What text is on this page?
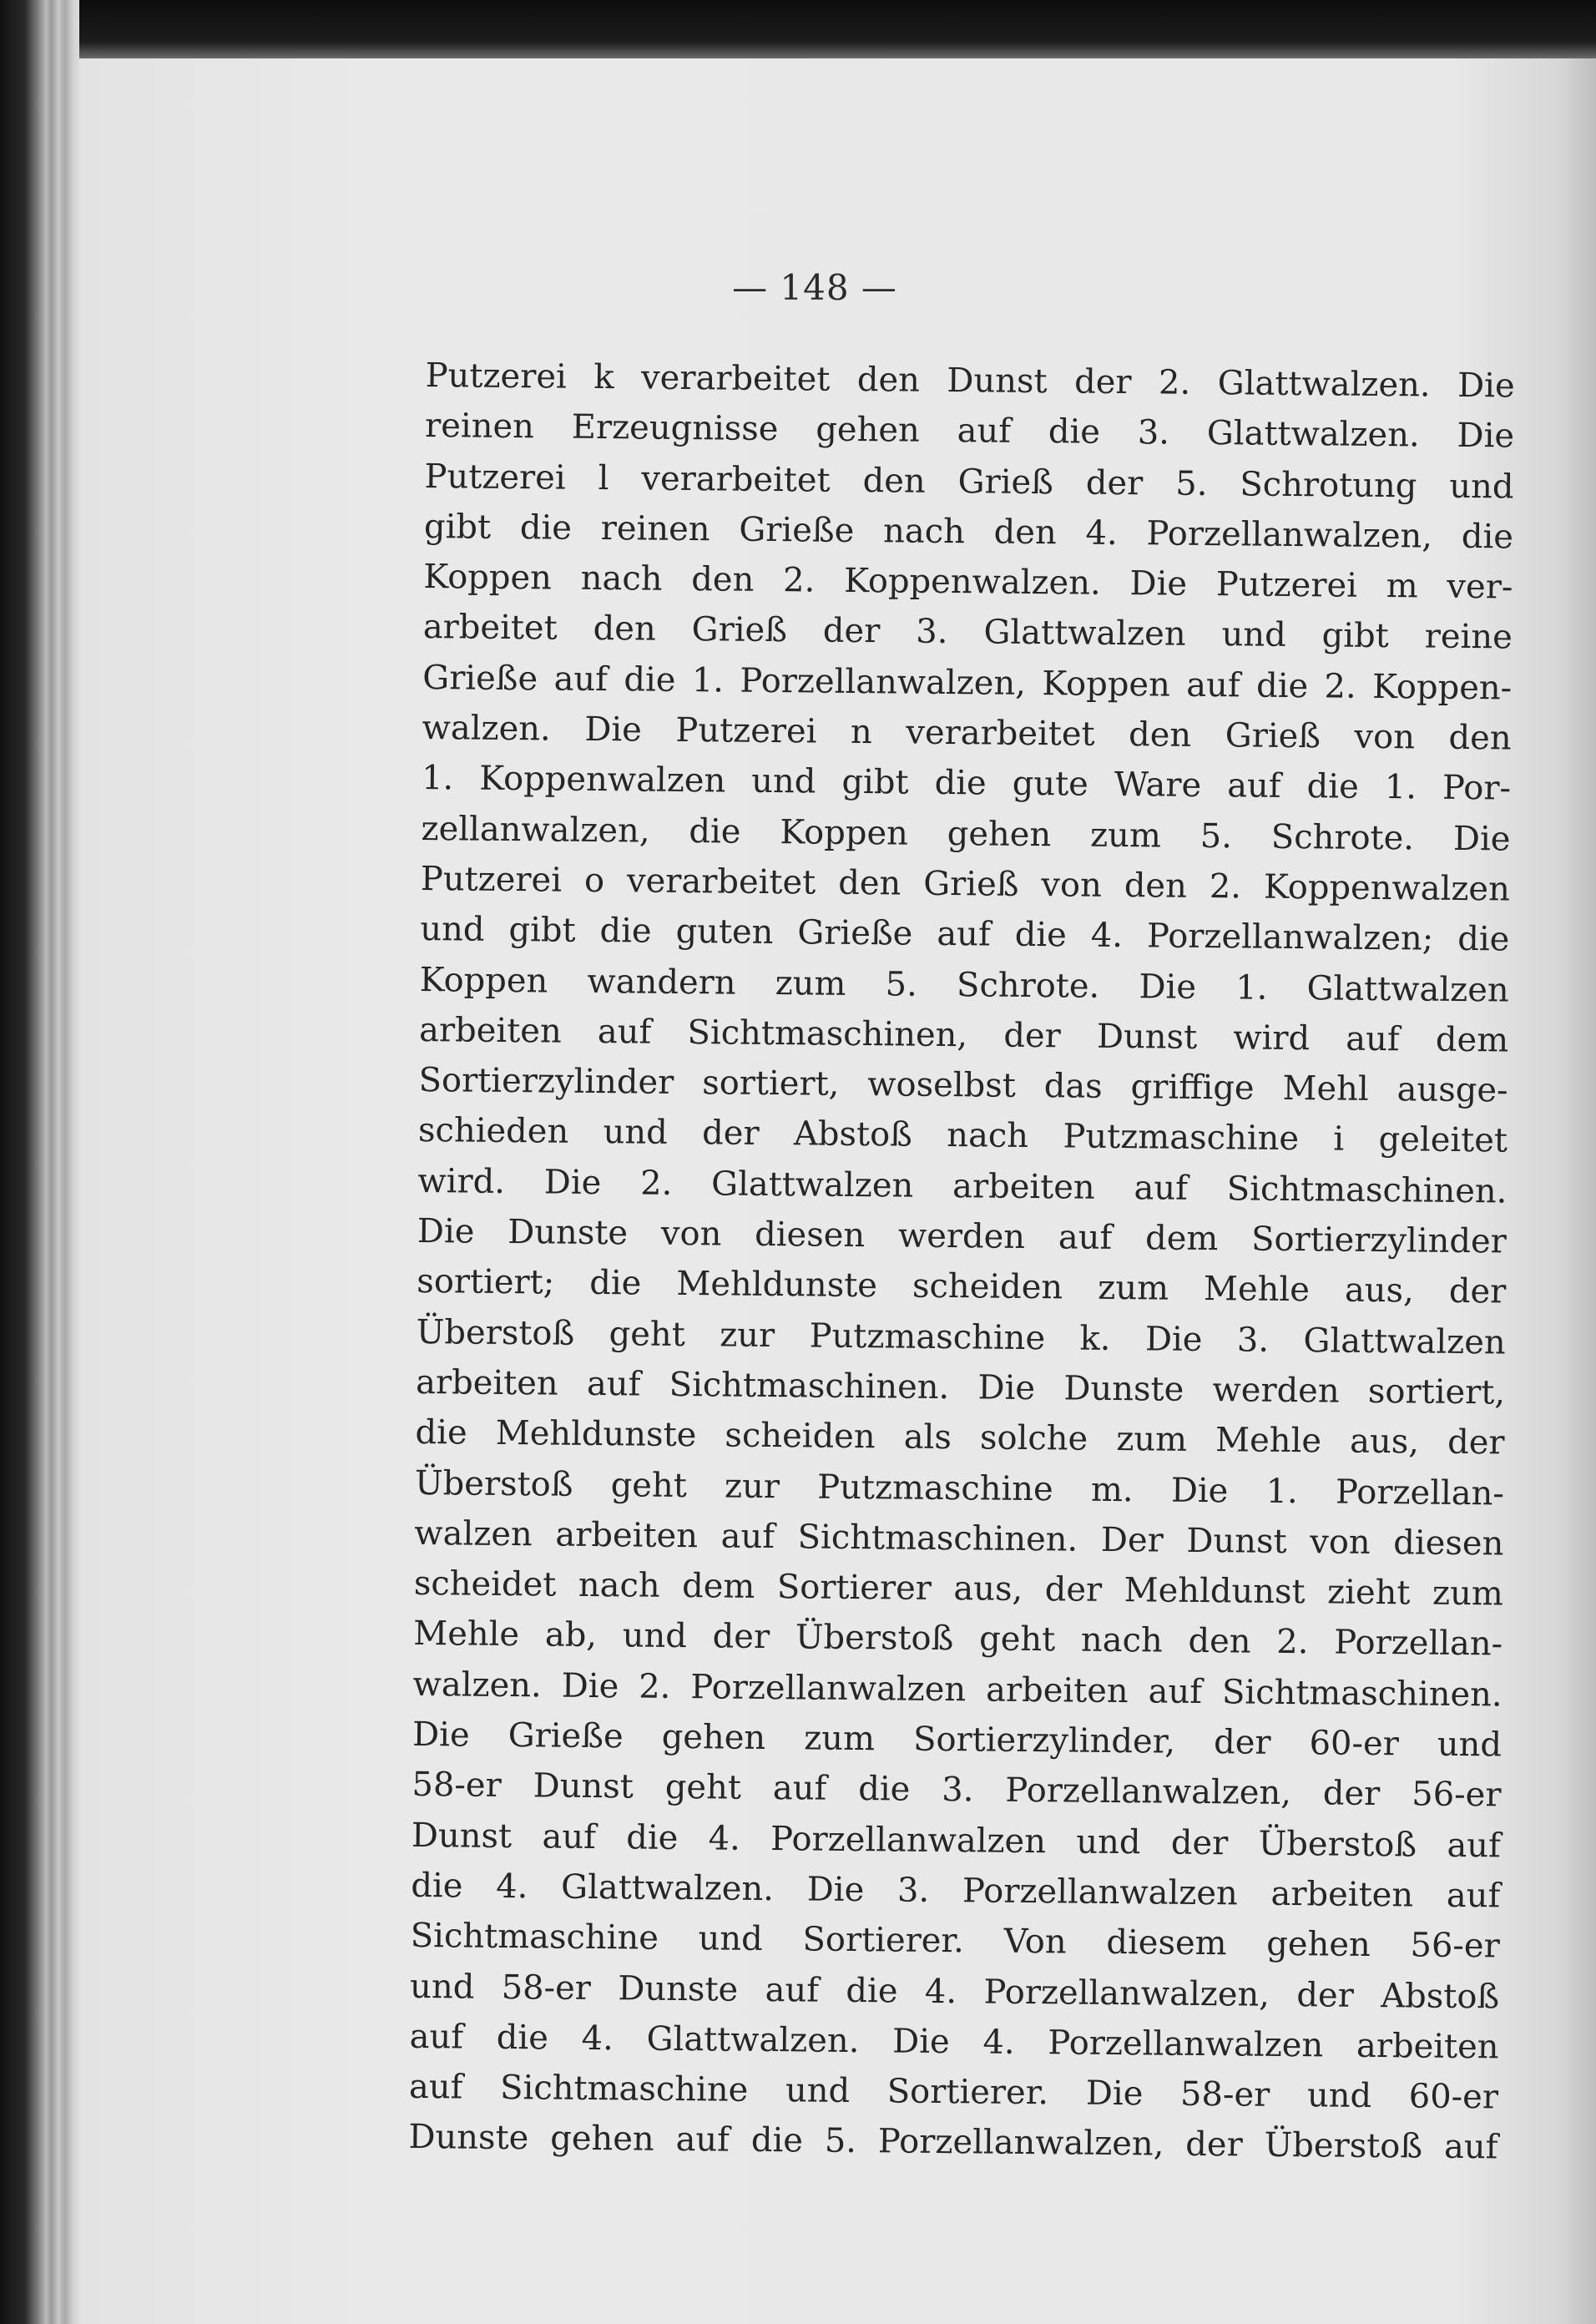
— 148 —
Putzerei k verarbeitet den Dunst der 2. Glattwalzen. Die
reinen Erzeugnisse gehen auf die 3. Glattwalzen. Die
Putzerei l verarbeitet den Grieß der 5. Schrotung und
gibt die reinen Grieße nach den 4. Porzellanwalzen, die
Koppen nach den 2. Koppenwalzen. Die Putzerei m ver-
arbeitet den Grieß der 3. Glattwalzen und gibt reine
Grieße auf die 1. Porzellanwalzen, Koppen auf die 2. Koppen-
walzen. Die Putzerei n verarbeitet den Grieß von den
1. Koppenwalzen und gibt die gute Ware auf die 1. Por-
zellanwalzen, die Koppen gehen zum 5. Schrote. Die
Putzerei o verarbeitet den Grieß von den 2. Koppenwalzen
und gibt die guten Grieße auf die 4. Porzellanwalzen; die
Koppen wandern zum 5. Schrote. Die 1. Glattwalzen
arbeiten auf Sichtmaschinen, der Dunst wird auf dem
Sortierzylinder sortiert, woselbst das griffige Mehl ausge-
schieden und der Abstoß nach Putzmaschine i geleitet
wird. Die 2. Glattwalzen arbeiten auf Sichtmaschinen.
Die Dunste von diesen werden auf dem Sortierzylinder
sortiert; die Mehldunste scheiden zum Mehle aus, der
Überstoß geht zur Putzmaschine k. Die 3. Glattwalzen
arbeiten auf Sichtmaschinen. Die Dunste werden sortiert,
die Mehldunste scheiden als solche zum Mehle aus, der
Überstoß geht zur Putzmaschine m. Die 1. Porzellan-
walzen arbeiten auf Sichtmaschinen. Der Dunst von diesen
scheidet nach dem Sortierer aus, der Mehldunst zieht zum
Mehle ab, und der Überstoß geht nach den 2. Porzellan-
walzen. Die 2. Porzellanwalzen arbeiten auf Sichtmaschinen.
Die Grieße gehen zum Sortierzylinder, der 60-er und
58-er Dunst geht auf die 3. Porzellanwalzen, der 56-er
Dunst auf die 4. Porzellanwalzen und der Überstoß auf
die 4. Glattwalzen. Die 3. Porzellanwalzen arbeiten auf
Sichtmaschine und Sortierer. Von diesem gehen 56-er
und 58-er Dunste auf die 4. Porzellanwalzen, der Abstoß
auf die 4. Glattwalzen. Die 4. Porzellanwalzen arbeiten
auf Sichtmaschine und Sortierer. Die 58-er und 60-er
Dunste gehen auf die 5. Porzellanwalzen, der Überstoß auf
